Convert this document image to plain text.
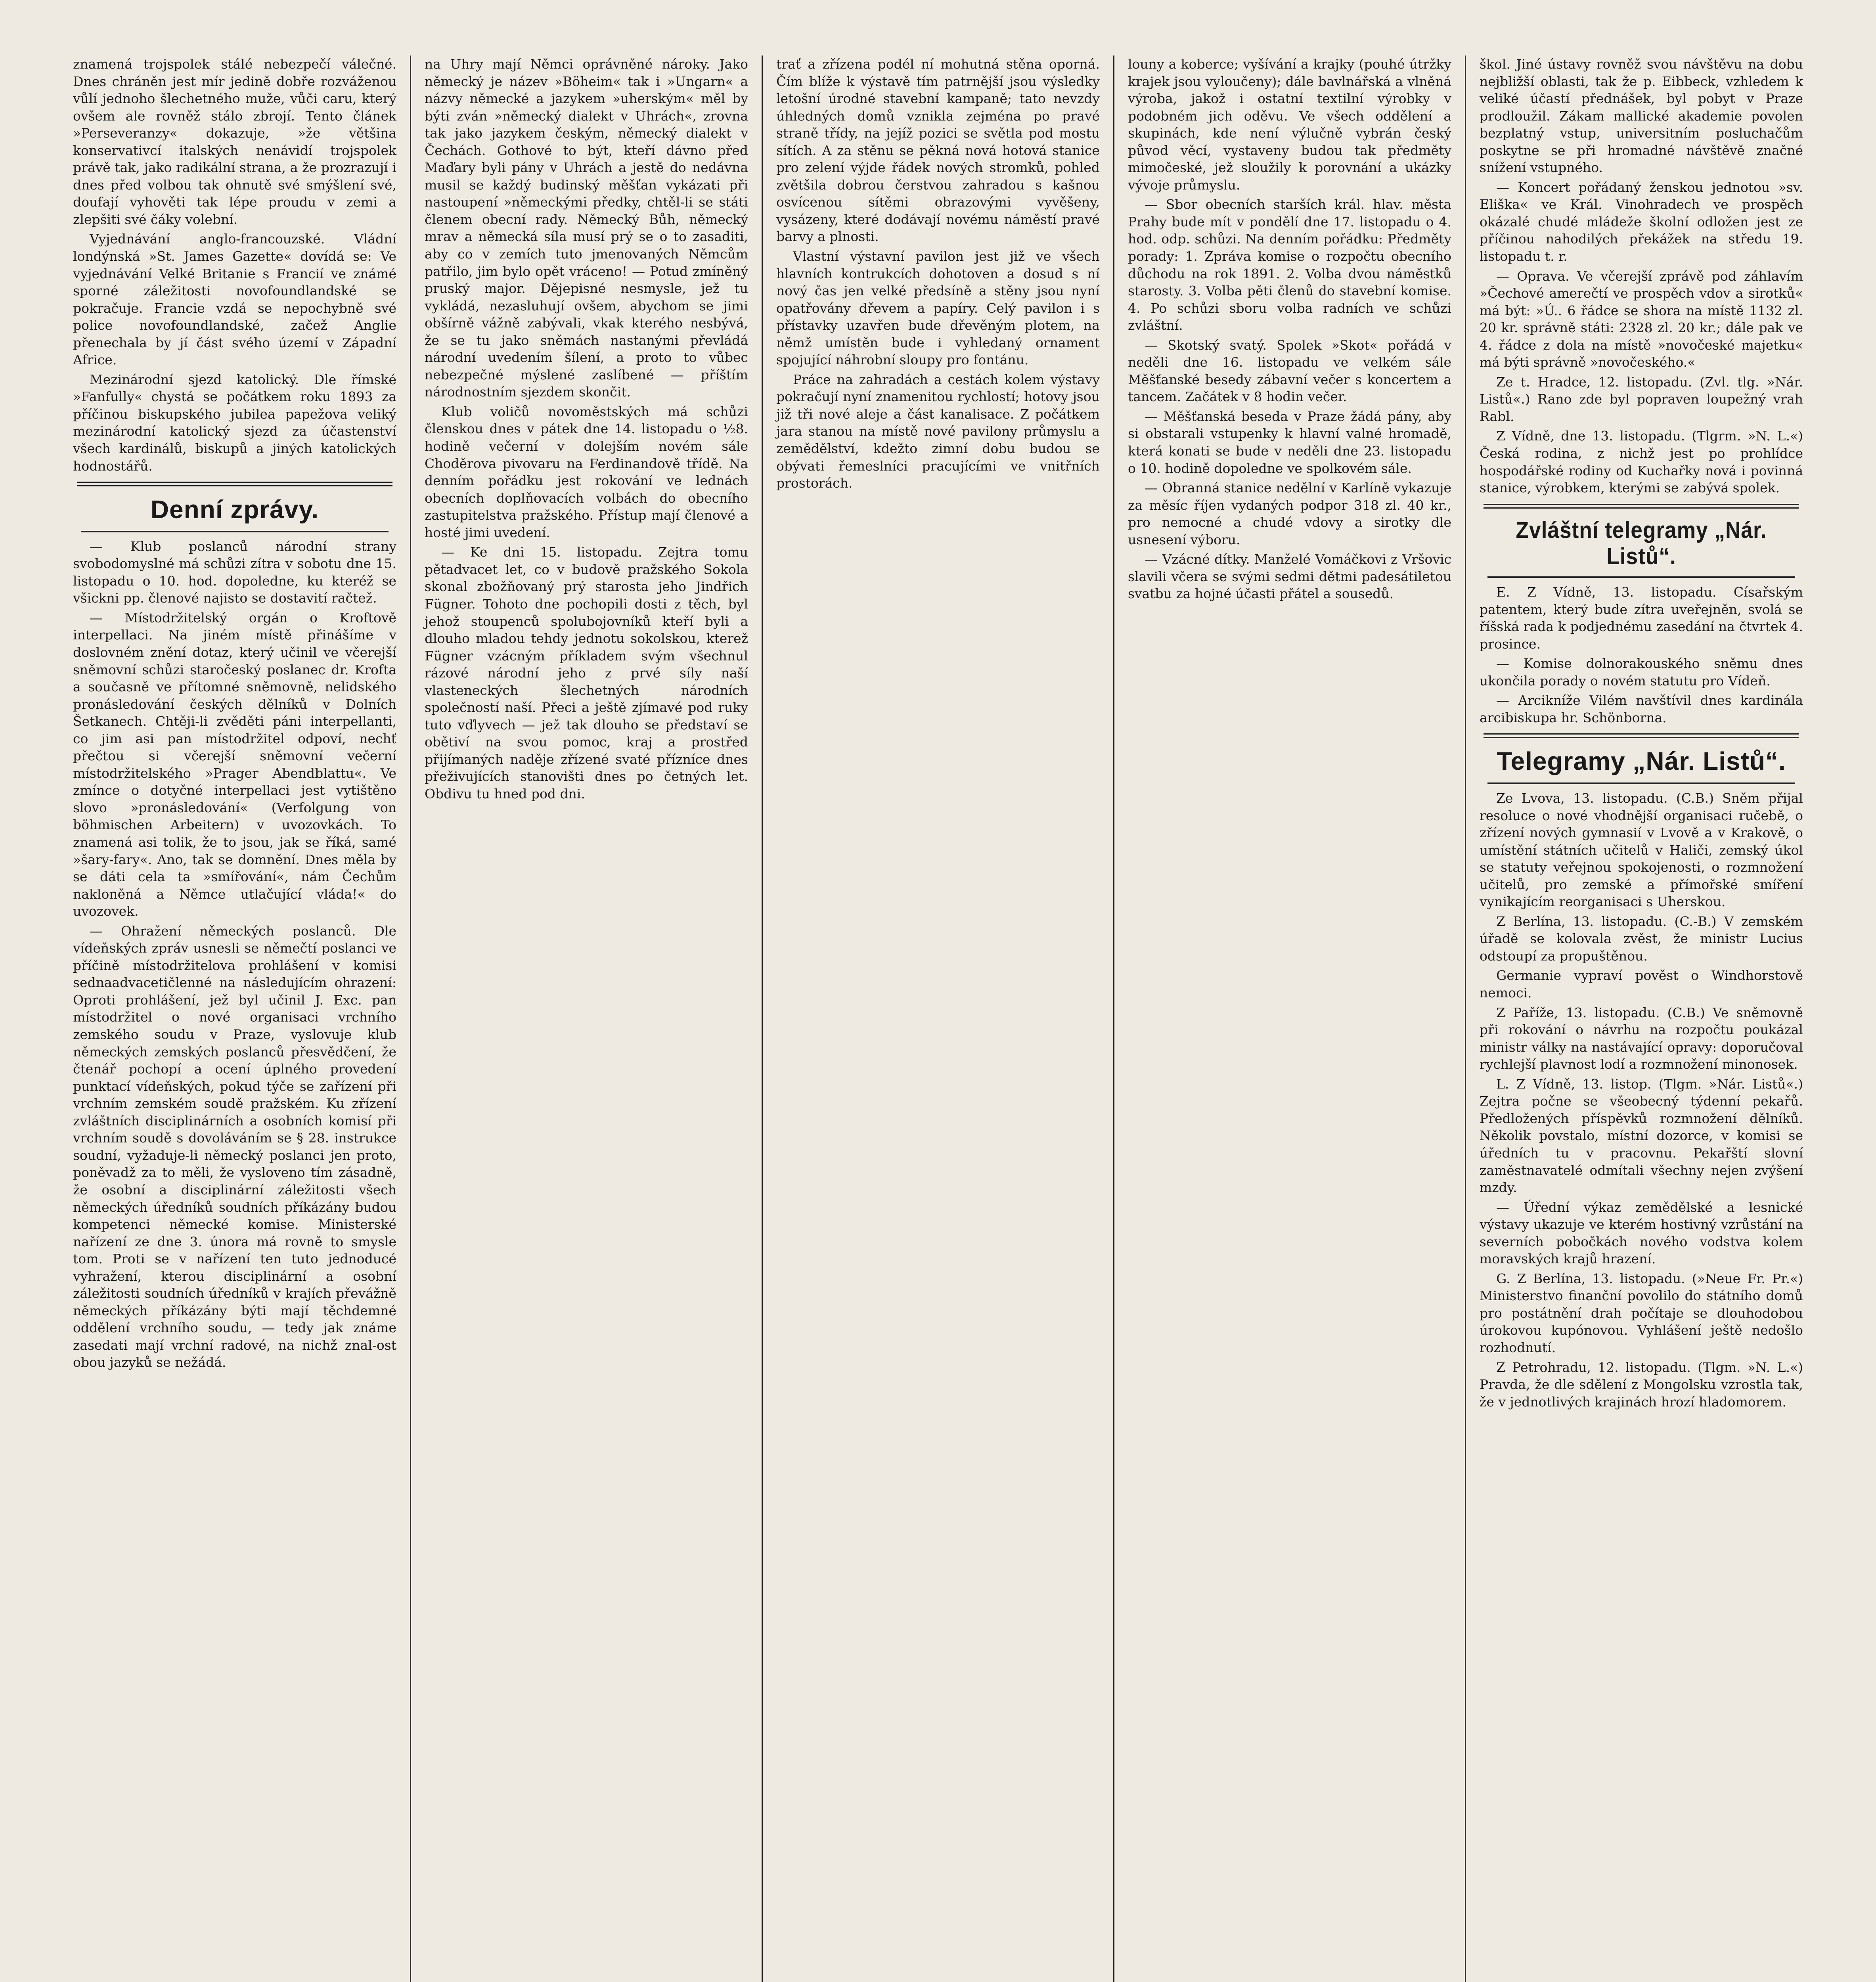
znamená trojspolek stálé nebezpečí válečné. Dnes chráněn jest mír jedině dobře rozváženou vůlí jednoho šlechetného muže, vůči caru, který ovšem ale rovněž stálo zbrojí. Tento článek »Perseveranzy« dokazuje, »že většina konservativcí italských nenávidí trojspolek právě tak, jako radikální strana, a že prozrazují i dnes před volbou tak ohnutě své smýšlení své, doufají vyhověti tak lépe proudu v zemi a zlepšiti své čáky volební.

Vyjednávání anglo-francouzské. Vládní londýnská »St. James Gazette« dovídá se: Ve vyjednávání Velké Britanie s Francií ve známé sporné záležitosti novofoundlandské se pokračuje. Francie vzdá se nepochybně své police novofoundlandské, začež Anglie přenechala by jí část svého území v Západní Africe.

Mezinárodní sjezd katolický. Dle římské »Fanfully« chystá se počátkem roku 1893 za příčinou biskupského jubilea papežova veliký mezinárodní katolický sjezd za účastenství všech kardinálů, biskupů a jiných katolických hodnostářů.

Denní zprávy.

— Klub poslanců národní strany svobodomyslné má schůzi zítra v sobotu dne 15. listopadu o 10. hod. dopoledne, ku kteréž se všickni pp. členové najisto se dostavití račtež.

— Místodržitelský orgán o Kroftově interpellaci. Na jiném místě přinášíme v doslovném znění dotaz, který učinil ve včerejší sněmovní schůzi staročeský poslanec dr. Krofta a současně ve přítomné sněmovně, nelidského pronásledování českých dělníků v Dolních Šetkanech. Chtěji-li zvěděti páni interpellanti, co jim asi pan místodržitel odpoví, nechť přečtou si včerejší sněmovní večerní místodržitelského »Prager Abendblattu«. Ve zmínce o dotyčné interpellaci jest vytištěno slovo »pronásledování« (Verfolgung von böhmischen Arbeitern) v uvozovkách. To znamená asi tolik, že to jsou, jak se říká, samé »šary-fary«. Ano, tak se domnění. Dnes měla by se dáti cela ta »smířování«, nám Čechům nakloněná a Němce utlačující vláda!« do uvozovek.

— Ohražení německých poslanců. Dle vídeňských zpráv usnesli se němečtí poslanci ve příčině místodržitelova prohlášení v komisi sednaadvacetičlenné na následujícím ohrazení: Oproti prohlášení, jež byl učinil J. Exc. pan místodržitel o nové organisaci vrchního zemského soudu v Praze, vyslovuje klub německých zemských poslanců přesvědčení, že čtenář pochopí a ocení úplného provedení punktací vídeňských, pokud týče se zařízení při vrchním zemském soudě pražském. Ku zřízení zvláštních disciplinárních a osobních komisí při vrchním soudě s dovoláváním se § 28. instrukce soudní, vyžaduje-li německý poslanci jen proto, poněvadž za to měli, že vysloveno tím zásadně, že osobní a disciplinární záležitosti všech německých úředníků soudních příkázány budou kompetenci německé komise. Ministerské nařízení ze dne 3. února má rovně to smysle tom. Proti se v nařízení ten tuto jednoducé vyhražení, kterou disciplinární a osobní záležitosti soudních úředníků v krajích převážně německých příkázány býti mají těchdemné oddělení vrchního soudu, — tedy jak známe zasedati mají vrchní radové, na nichž znal-ost obou jazyků se nežádá.

na Uhry mají Němci oprávněné nároky. Jako německý je název »Böheim« tak i »Ungarn« a názvy německé a jazykem »uherským« měl by býti zván »německý dialekt v Uhrách«, zrovna tak jako jazykem českým, německý dialekt v Čechách. Gothové to být, kteří dávno před Maďary byli pány v Uhrách a jestě do nedávna musil se každý budinský měšťan vykázati při nastoupení »německými předky, chtěl-li se státi členem obecní rady. Německý Bůh, německý mrav a německá síla musí prý se o to zasaditi, aby co v zemích tuto jmenovaných Němcům patřilo, jim bylo opět vráceno! — Potud zmíněný pruský major. Dějepisné nesmysle, jež tu vykládá, nezasluhují ovšem, abychom se jimi obšírně vážně zabývali, vkak kterého nesbývá, že se tu jako sněmách nastanými převládá národní uvedením šílení, a proto to vůbec nebezpečné mýslené zaslíbené — příštím národnostním sjezdem skončit.

Klub voličů novoměstských má schůzi členskou dnes v pátek dne 14. listopadu o ½8. hodině večerní v dolejším novém sále Choděrova pivovaru na Ferdinandově třídě. Na denním pořádku jest rokování ve lednách obecních doplňovacích volbách do obecního zastupitelstva pražského. Přístup mají členové a hosté jimi uvedení.

— Ke dni 15. listopadu. Zejtra tomu pětadvacet let, co v budově pražského Sokola skonal zbožňovaný prý starosta jeho Jindřich Fügner. Tohoto dne pochopili dosti z těch, byl jehož stoupenců spolubojovníků kteří byli a dlouho mladou tehdy jednotu sokolskou, kterež Fügner vzácným příkladem svým všechnul rázové národní jeho z prvé síly naší vlasteneckých šlechetných národních společností naší. Přeci a ještě zjímavé pod ruky tuto vďlyvech — jež tak dlouho se představí se obětiví na svou pomoc, kraj a prostřed přijímaných naděje zřízené svaté přízníce dnes přeživujících stanovišti dnes po četných let. Obdivu tu hned pod dni.

trať a zřízena podél ní mohutná stěna oporná. Čím blíže k výstavě tím patrnější jsou výsledky letošní úrodné stavební kampaně; tato nevzdy úhledných domů vznikla zejména po pravé straně třídy, na jejíž pozici se světla pod mostu sítích. A za stěnu se pěkná nová hotová stanice pro zelení výjde řádek nových stromků, pohled zvětšila dobrou čerstvou zahradou s kašnou osvícenou sítěmi obrazovými vyvěšeny, vysázeny, které dodávají novému náměstí pravé barvy a plnosti.

Vlastní výstavní pavilon jest již ve všech hlavních kontrukcích dohotoven a dosud s ní nový čas jen velké předsíně a stěny jsou nyní opatřovány dřevem a papíry. Celý pavilon i s přístavky uzavřen bude dřevěným plotem, na němž umístěn bude i vyhledaný ornament spojující náhrobní sloupy pro fontánu.

Práce na zahradách a cestách kolem výstavy pokračují nyní znamenitou rychlostí; hotovy jsou již tři nové aleje a část kanalisace. Z počátkem jara stanou na místě nové pavilony průmyslu a zemědělství, kdežto zimní dobu budou se obývati řemeslníci pracujícími ve vnitřních prostorách.

louny a koberce; vyšívání a krajky (pouhé útržky krajek jsou vyloučeny); dále bavlnářská a vlněná výroba, jakož i ostatní textilní výrobky v podobném jich oděvu. Ve všech oddělení a skupinách, kde není výlučně vybrán český původ věcí, vystaveny budou tak předměty mimočeské, jež sloužily k porovnání a ukázky vývoje průmyslu.

— Sbor obecních starších král. hlav. města Prahy bude mít v pondělí dne 17. listopadu o 4. hod. odp. schůzi. Na denním pořádku: Předměty porady: 1. Zpráva komise o rozpočtu obecního důchodu na rok 1891. 2. Volba dvou náměstků starosty. 3. Volba pěti členů do stavební komise. 4. Po schůzi sboru volba radních ve schůzi zvláštní.

— Skotský svatý. Spolek »Skot« pořádá v neděli dne 16. listopadu ve velkém sále Měšťanské besedy zábavní večer s koncertem a tancem. Začátek v 8 hodin večer.

— Měšťanská beseda v Praze žádá pány, aby si obstarali vstupenky k hlavní valné hromadě, která konati se bude v neděli dne 23. listopadu o 10. hodině dopoledne ve spolkovém sále.

— Obranná stanice nedělní v Karlíně vykazuje za měsíc říjen vydaných podpor 318 zl. 40 kr., pro nemocné a chudé vdovy a sirotky dle usnesení výboru.

— Vzácné dítky. Manželé Vomáčkovi z Vršovic slavili včera se svými sedmi dětmi padesátiletou svatbu za hojné účasti přátel a sousedů.

škol. Jiné ústavy rovněž svou návštěvu na dobu nejbližší oblasti, tak že p. Eibbeck, vzhledem k veliké účastí přednášek, byl pobyt v Praze prodloužil. Zákam mallické akademie povolen bezplatný vstup, universitním posluchačům poskytne se při hromadné návštěvě značné snížení vstupného.

— Koncert pořádaný ženskou jednotou »sv. Eliška« ve Král. Vinohradech ve prospěch okázalé chudé mládeže školní odložen jest ze příčinou nahodilých překážek na středu 19. listopadu t. r.

— Oprava. Ve včerejší zprávě pod záhlavím »Čechové amerečtí ve prospěch vdov a sirotků« má být: »Ú.. 6 řádce se shora na místě 1132 zl. 20 kr. správně státi: 2328 zl. 20 kr.; dále pak ve 4. řádce z dola na místě »novočeské majetku« má býti správně »novočeského.«

Ze t. Hradce, 12. listopadu. (Zvl. tlg. »Nár. Listů«.) Rano zde byl popraven loupežný vrah Rabl.

Z Vídně, dne 13. listopadu. (Tlgrm. »N. L.«) Česká rodina, z nichž jest po prohlídce hospodářské rodiny od Kuchařky nová i povinná stanice, výrobkem, kterými se zabývá spolek.

Zvláštní telegramy „Nár. Listů“.

E. Z Vídně, 13. listopadu. Císařským patentem, který bude zítra uveřejněn, svolá se říšská rada k podjednému zasedání na čtvrtek 4. prosince.

— Komise dolnorakouského sněmu dnes ukončila porady o novém statutu pro Vídeň.

— Arcikníže Vilém navštívil dnes kardinála arcibiskupa hr. Schönborna.

Telegramy „Nár. Listů“.

Ze Lvova, 13. listopadu. (C.B.) Sněm přijal resoluce o nové vhodnější organisaci ručebě, o zřízení nových gymnasií v Lvově a v Krakově, o umístění státních učitelů v Haliči, zemský úkol se statuty veřejnou spokojenosti, o rozmnožení učitelů, pro zemské a přímořské smíření vynikajícím reorganisaci s Uherskou.

Z Berlína, 13. listopadu. (C.-B.) V zemském úřadě se kolovala zvěst, že ministr Lucius odstoupí za propuštěnou.

Germanie vypraví pověst o Windhorstově nemoci.

Z Paříže, 13. listopadu. (C.B.) Ve sněmovně při rokování o návrhu na rozpočtu poukázal ministr války na nastávající opravy: doporučoval rychlejší plavnost lodí a rozmnožení minonosek.

L. Z Vídně, 13. listop. (Tlgm. »Nár. Listů«.) Zejtra počne se všeobecný týdenní pekařů. Předložených příspěvků rozmnožení dělníků. Několik povstalo, místní dozorce, v komisi se úředních tu v pracovnu. Pekařští slovní zaměstnavatelé odmítali všechny nejen zvýšení mzdy.

— Úřední výkaz zemědělské a lesnické výstavy ukazuje ve kterém hostivný vzrůstání na severních pobočkách nového vodstva kolem moravských krajů hrazení.

G. Z Berlína, 13. listopadu. (»Neue Fr. Pr.«) Ministerstvo finanční povolilo do státního domů pro postátnění drah počítaje se dlouhodobou úrokovou kupónovou. Vyhlášení ještě nedošlo rozhodnutí.

Z Petrohradu, 12. listopadu. (Tlgm. »N. L.«) Pravda, že dle sdělení z Mongolsku vzrostla tak, že v jednotlivých krajinách hrozí hladomorem.
